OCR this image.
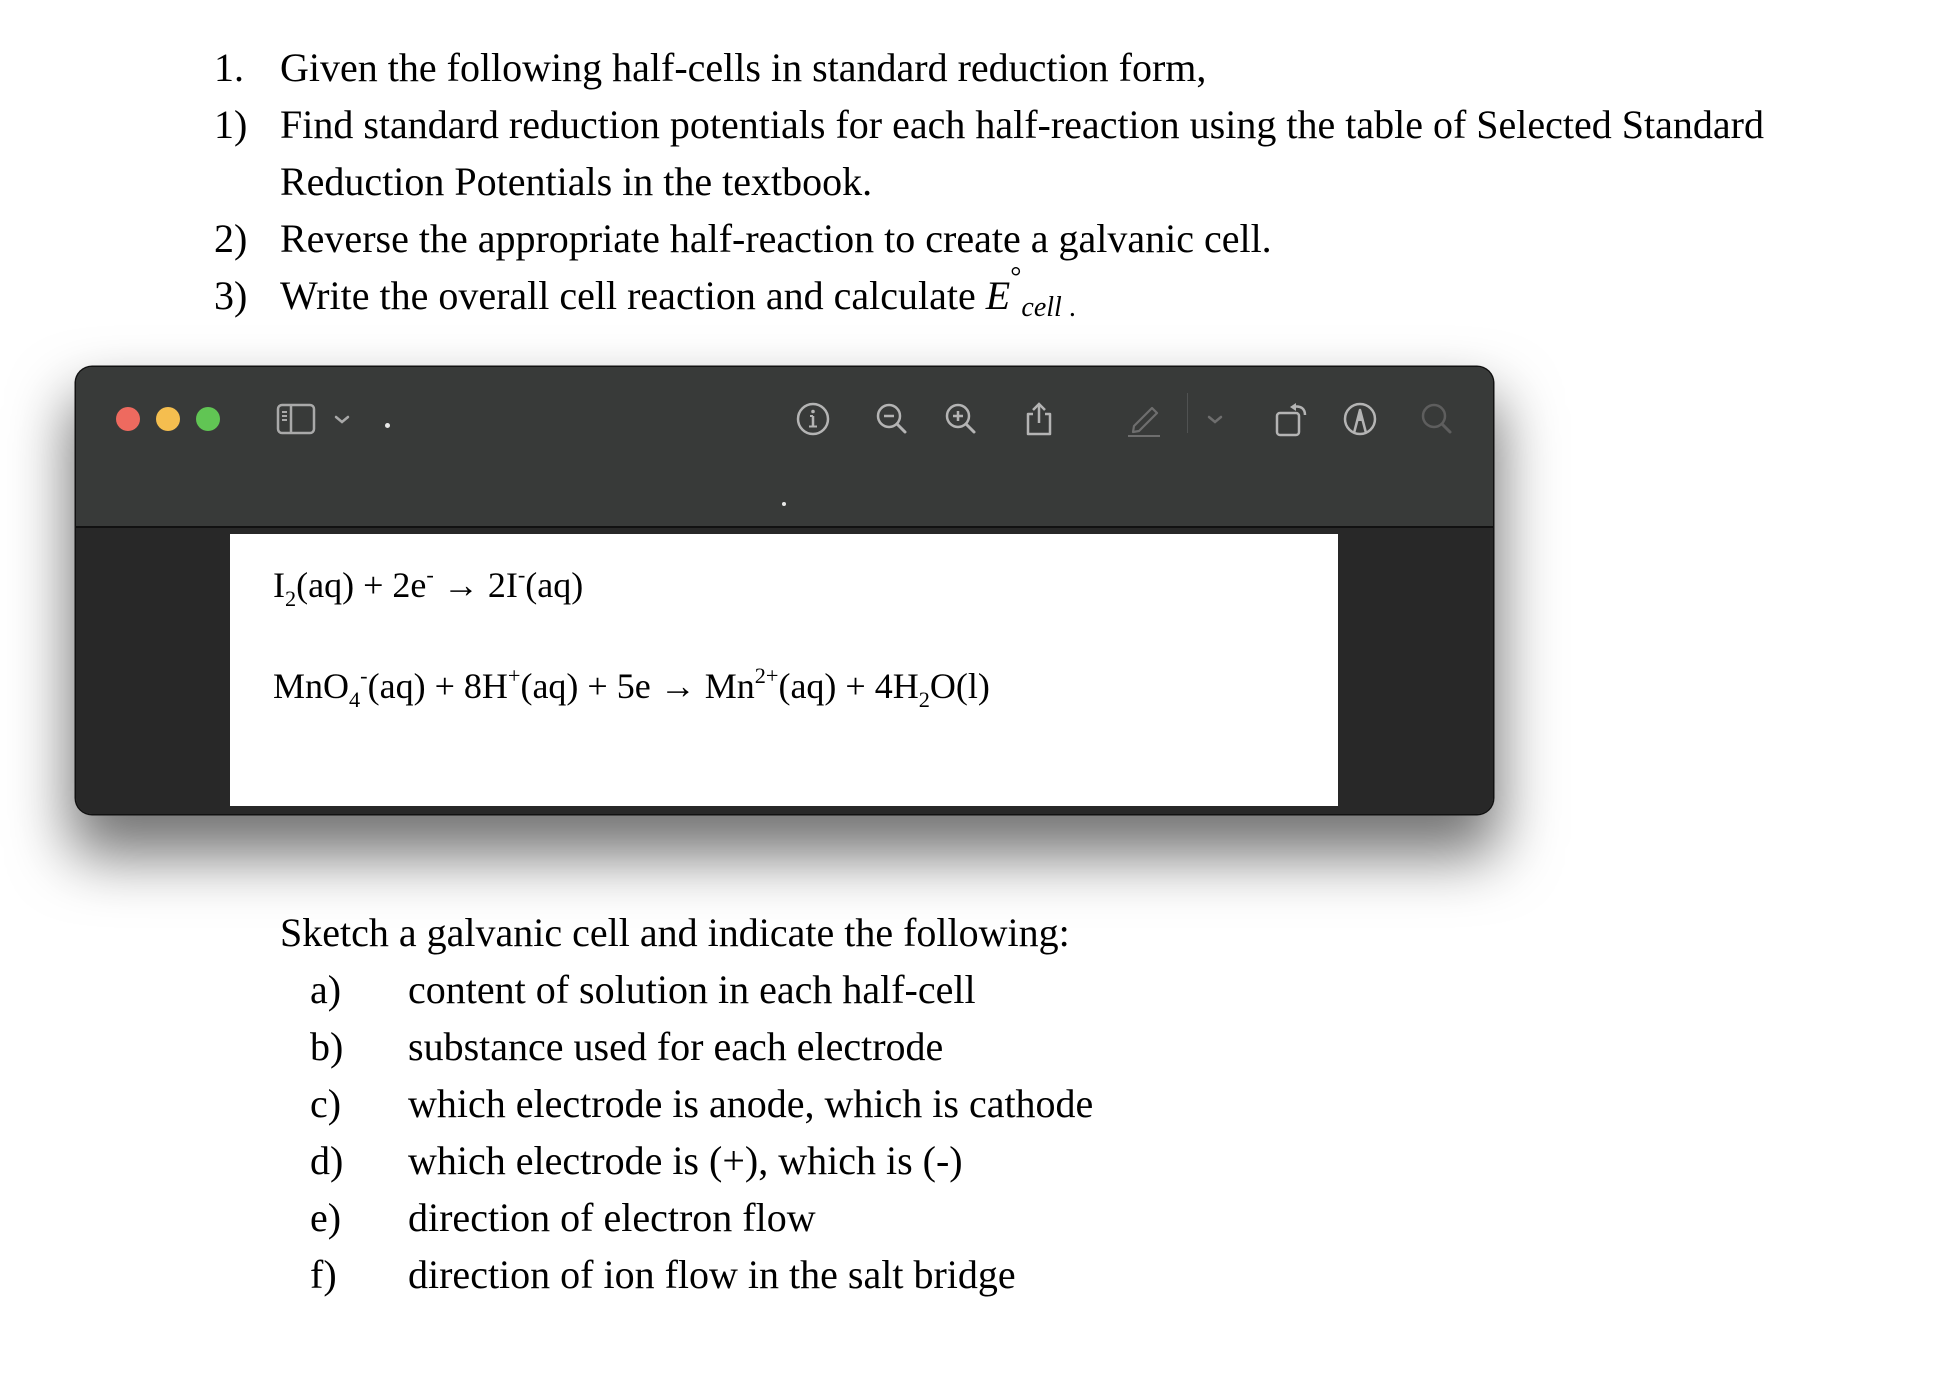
1. Given the following half-cells in standard reduction form,
1) Find standard reduction potentials for each half-reaction using the table of Selected Standard
Reduction Potentials in the textbook.
2) Reverse the appropriate half-reaction to create a galvanic cell.
3) Write the overall cell reaction and calculate E°cell .
$I_2(aq) + 2e^- \to 2I^-(aq)$
$MnO_4^-(aq) + 8H^+(aq) + 5e \to Mn^{2+}(aq) + 4H_2O(l)$
Sketch a galvanic cell and indicate the following:
a) content of solution in each half-cell
b) substance used for each electrode
c) which electrode is anode, which is cathode
d) which electrode is (+), which is (-)
e) direction of electron flow
f) direction of ion flow in the salt bridge
